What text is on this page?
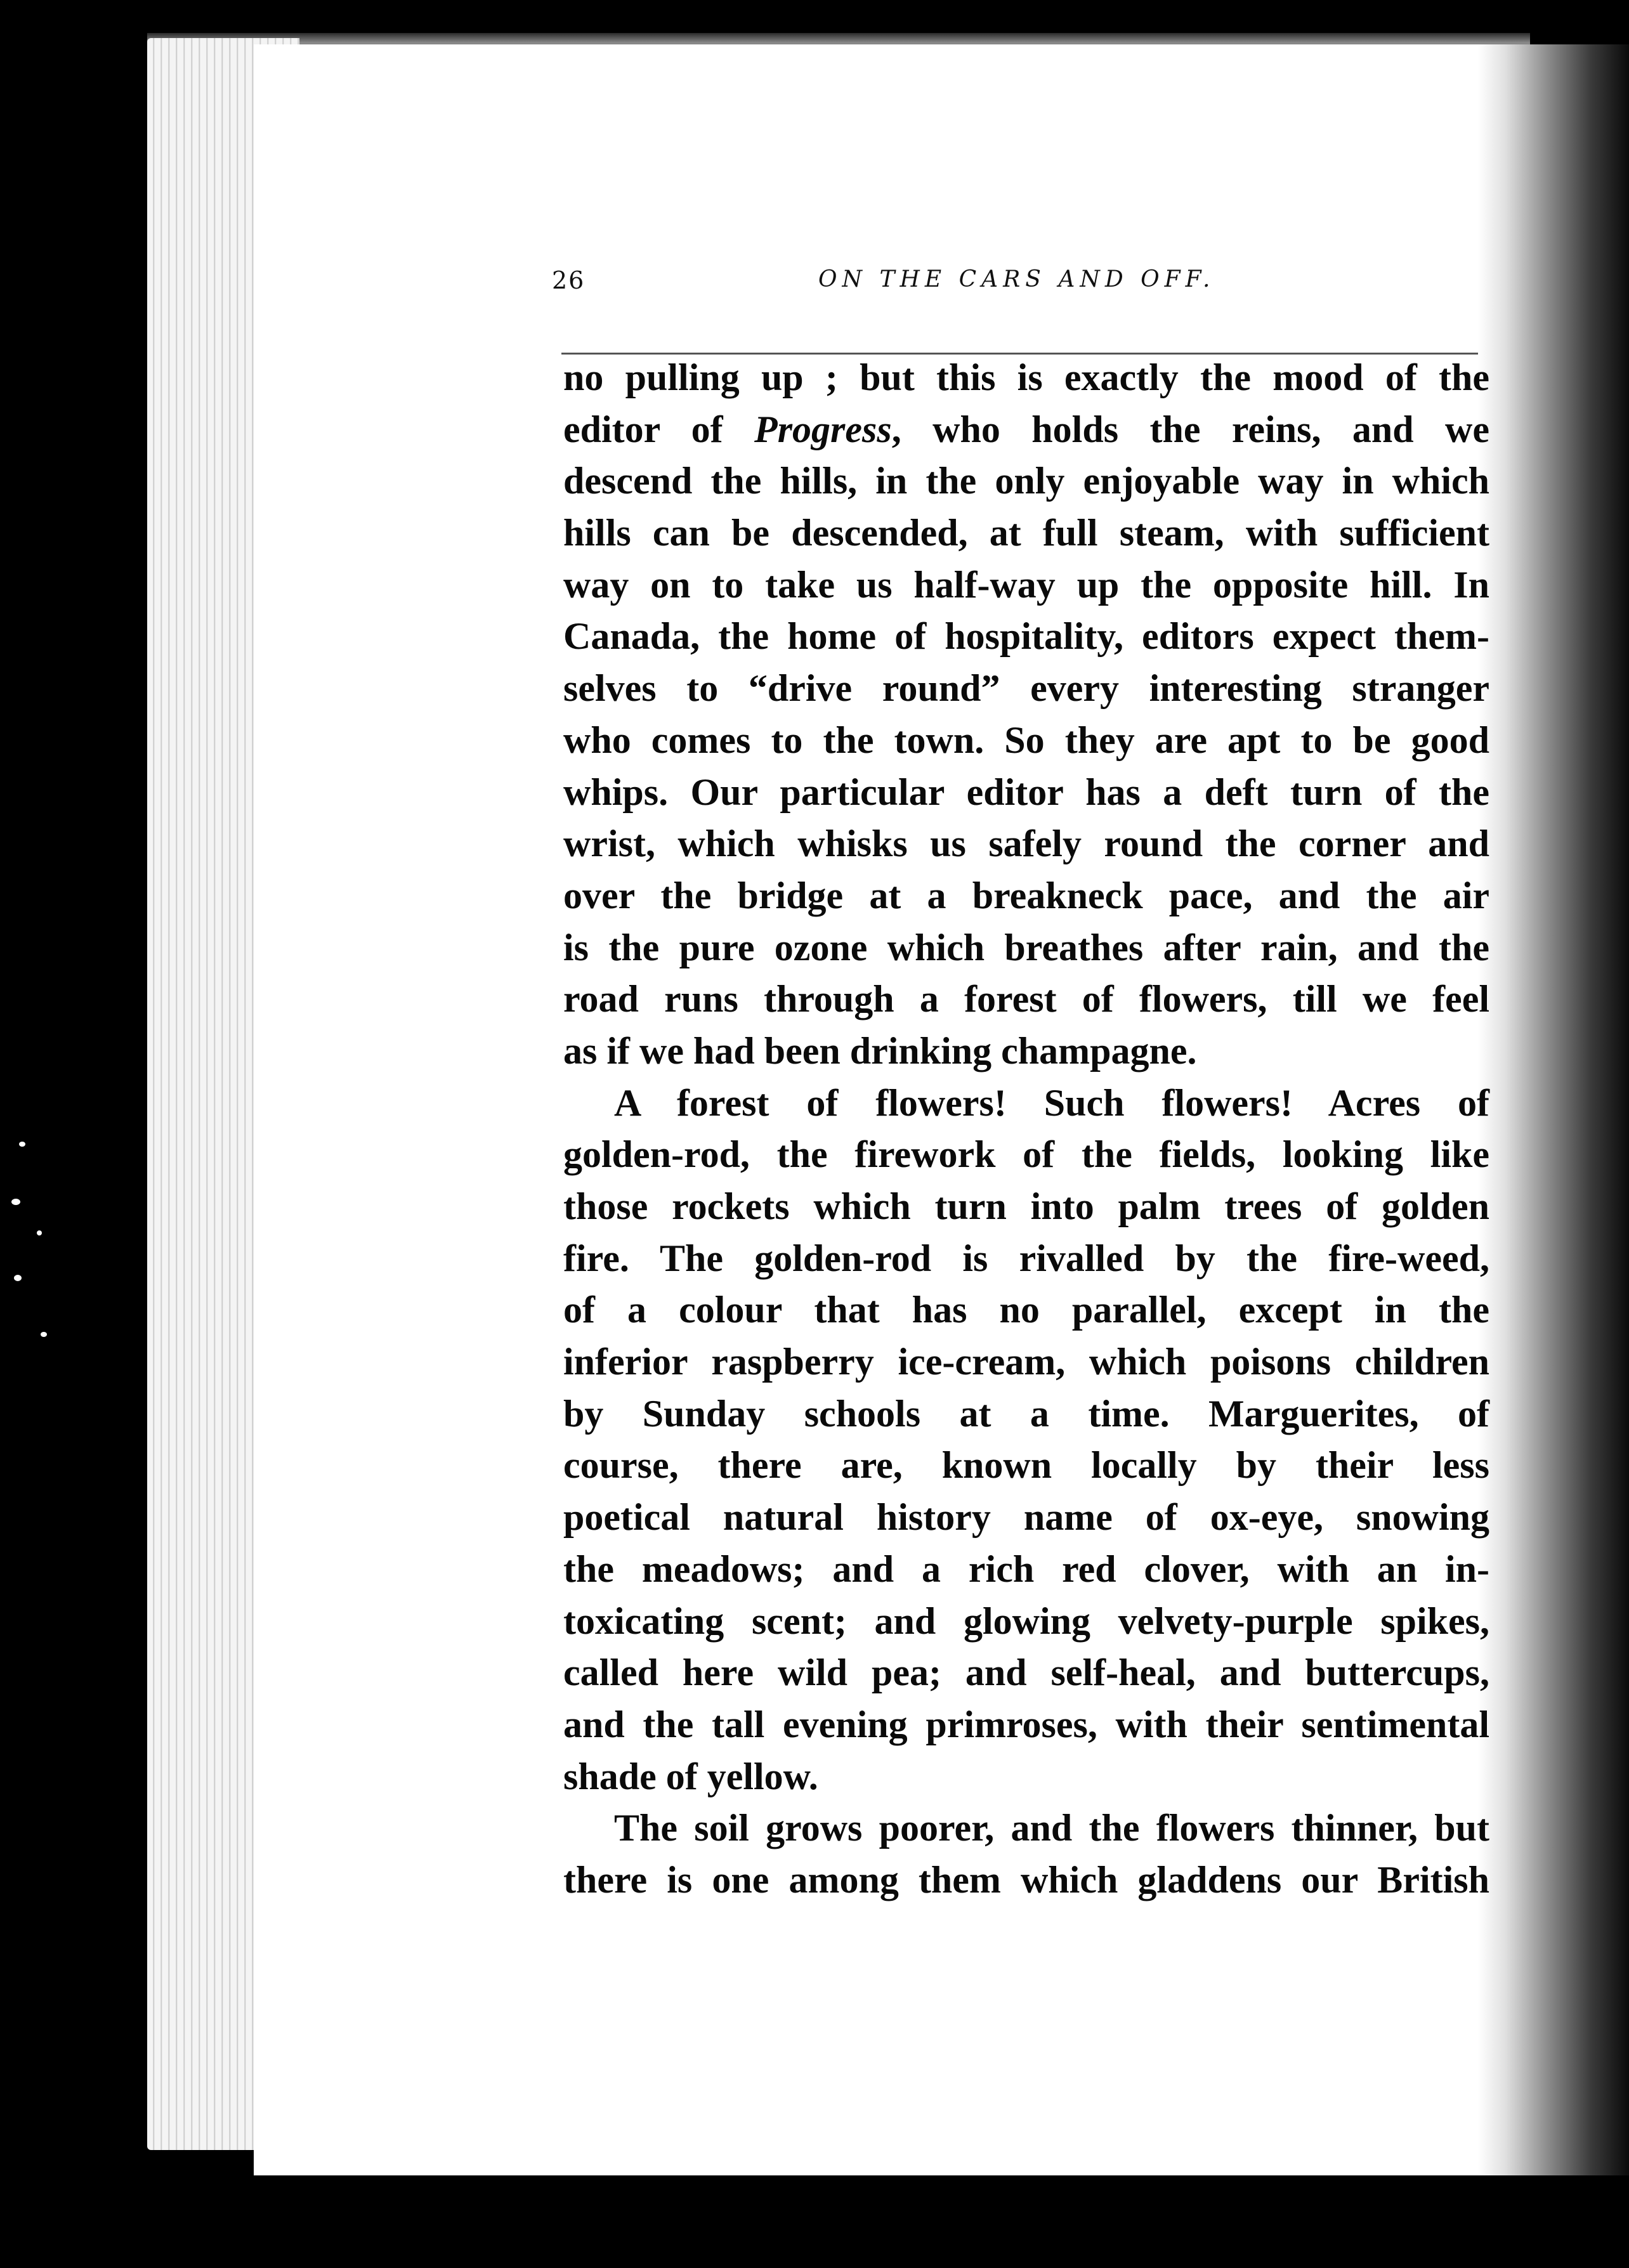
26	ON THE CARS AND OFF.
no pulling up ; but this is exactly the mood of the
editor of Progress, who holds the reins, and we
descend the hills, in the only enjoyable way in which
hills can be descended, at full steam, with sufficient
way on to take us half-way up the opposite hill. In
Canada, the home of hospitality, editors expect them-
selves to “drive round” every interesting stranger
who comes to the town. So they are apt to be good
whips. Our particular editor has a deft turn of the
wrist, which whisks us safely round the corner and
over the bridge at a breakneck pace, and the air
is the pure ozone which breathes after rain, and the
road runs through a forest of flowers, till we feel
as if we had been drinking champagne.
A forest of flowers! Such flowers! Acres of
golden-rod, the firework of the fields, looking like
those rockets which turn into palm trees of golden
fire. The golden-rod is rivalled by the fire-weed,
of a colour that has no parallel, except in the
inferior raspberry ice-cream, which poisons children
by Sunday schools at a time. Marguerites, of
course, there are, known locally by their less
poetical natural history name of ox-eye, snowing
the meadows; and a rich red clover, with an in-
toxicating scent; and glowing velvety-purple spikes,
called here wild pea; and self-heal, and buttercups,
and the tall evening primroses, with their sentimental
shade of yellow.
The soil grows poorer, and the flowers thinner, but
there is one among them which gladdens our British
